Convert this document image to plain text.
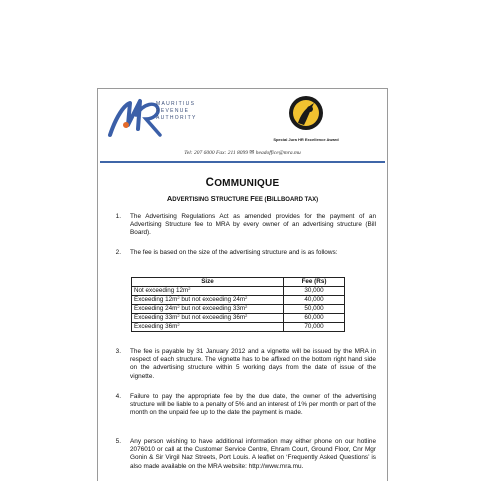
MAURITIUS
REVENUE
AUTHORITY
Special Jura HR Excellence Award
Tel: 207 6000 Fax: 211 8099 ✉ headoffice@mra.mu
COMMUNIQUE
ADVERTISING STRUCTURE FEE (BILLBOARD TAX)
1. The Advertising Regulations Act as amended provides for the payment of an Advertising Structure fee to MRA by every owner of an advertising structure (Bill Board).
2. The fee is based on the size of the advertising structure and is as follows:
Size	Fee (Rs)
Not exceeding $12m^2$	30,000
Exceeding $12m^2$ but not exceeding $24m^2$	40,000
Exceeding $24m^2$ but not exceeding $33m^2$	50,000
Exceeding $33m^2$ but not exceeding $36m^2$	60,000
Exceeding $36m^2$	70,000
3. The fee is payable by 31 January 2012 and a vignette will be issued by the MRA in respect of each structure. The vignette has to be affixed on the bottom right hand side on the advertising structure within 5 working days from the date of issue of the vignette.
4. Failure to pay the appropriate fee by the due date, the owner of the advertising structure will be liable to a penalty of 5% and an interest of 1% per month or part of the month on the unpaid fee up to the date the payment is made.
5. Any person wishing to have additional information may either phone on our hotline 2076010 or call at the Customer Service Centre, Ehram Court, Ground Floor, Cnr Mgr Gonin & Sir Virgil Naz Streets, Port Louis. A leaflet on ‘Frequently Asked Questions’ is also made available on the MRA website: http://www.mra.mu.
